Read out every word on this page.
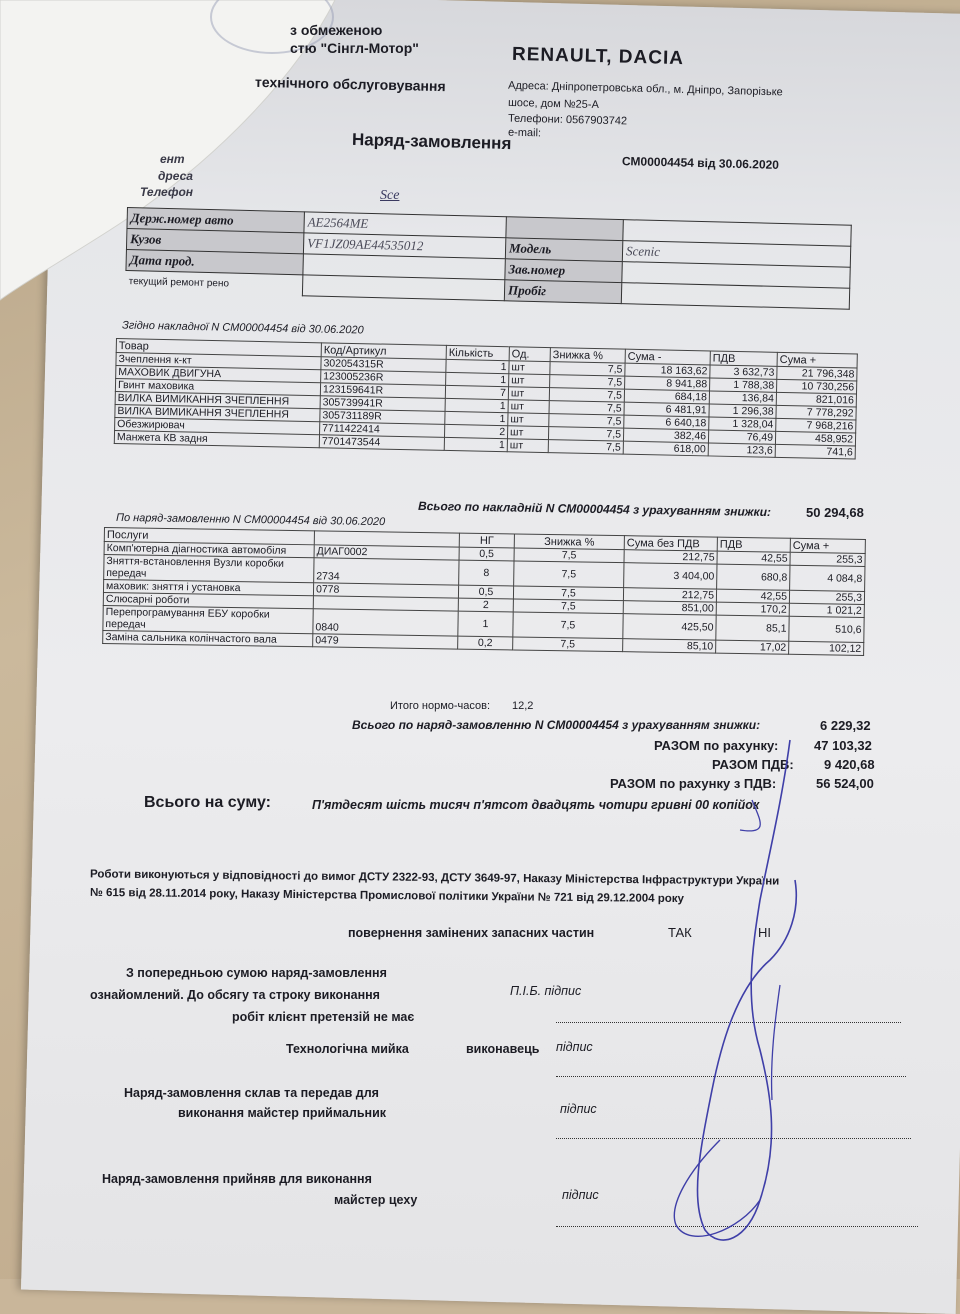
з обмеженою
стю "Сінгл-Мотор"
технічного обслуговування
RENAULT, DACIA
Адреса: Дніпропетровська обл., м. Дніпро, Запорізьке
шосе, дом №25-А
Телефони: 0567903742
e-mail:
ент
дреса
Телефон
Наряд-замовлення
СМ00004454 від 30.06.2020
Sce
Держ.номер авто	AE2564ME		
Кузов	VF1JZ09AE44535012	Модель	Scenic
Дата прод.		Зав.номер	
текущий ремонт рено		Пробіг	
Згідно накладної N СМ00004454 від 30.06.2020
Товар	Код/Артикул	Кількість	Од.	Знижка %	Сума -	ПДВ	Сума +
Зчеплення к-кт	302054315R	1	шт	7,5	18 163,62	3 632,73	21 796,348
МАХОВИК ДВИГУНА	123005236R	1	шт	7,5	8 941,88	1 788,38	10 730,256
Гвинт маховика	123159641R	7	шт	7,5	684,18	136,84	821,016
ВИЛКА ВИМИКАННЯ ЗЧЕПЛЕННЯ	305739941R	1	шт	7,5	6 481,91	1 296,38	7 778,292
ВИЛКА ВИМИКАННЯ ЗЧЕПЛЕННЯ	305731189R	1	шт	7,5	6 640,18	1 328,04	7 968,216
Обезжирювач	7711422414	2	шт	7,5	382,46	76,49	458,952
Манжета КВ задня	7701473544	1	шт	7,5	618,00	123,6	741,6
Всього по накладній N СМ00004454 з урахуванням знижки:	50 294,68
По наряд-замовленню N СМ00004454 від 30.06.2020
Послуги		НГ	Знижка %	Сума без ПДВ	ПДВ	Сума +
Комп'ютерна діагностика автомобіля	ДИАГ0002	0,5	7,5	212,75	42,55	255,3
Зняття-встановлення Вузли коробки передач	2734	8	7,5	3 404,00	680,8	4 084,8
маховик: зняття і установка	0778	0,5	7,5	212,75	42,55	255,3
Слюсарні роботи		2	7,5	851,00	170,2	1 021,2
Перепрограмування ЕБУ коробки передач	0840	1	7,5	425,50	85,1	510,6
Заміна сальника колінчастого вала	0479	0,2	7,5	85,10	17,02	102,12
Итого нормо-часов: 12,2
Всього по наряд-замовленню N СМ00004454 з урахуванням знижки:	6 229,32
РАЗОМ по рахунку:	47 103,32
РАЗОМ ПДВ: 9 420,68
РАЗОМ по рахунку з ПДВ:	56 524,00
Всього на суму:	П'ятдесят шість тисяч п'ятсот двадцять чотири гривні 00 копійок
Роботи виконуються у відповідності до вимог ДСТУ 2322-93, ДСТУ 3649-97, Наказу Міністерства Інфраструктури України
№ 615 від 28.11.2014 року, Наказу Міністерства Промислової політики України № 721 від 29.12.2004 року
повернення замінених запасних частин	ТАК	НІ
З попередньою сумою наряд-замовлення
ознайомлений. До обсягу та строку виконання
робіт клієнт претензій не має
П.І.Б. підпис
Технологічна мийка	виконавець підпис
Наряд-замовлення склав та передав для
виконання майстер приймальник	підпис
Наряд-замовлення прийняв для виконання
майстер цеху	підпис
